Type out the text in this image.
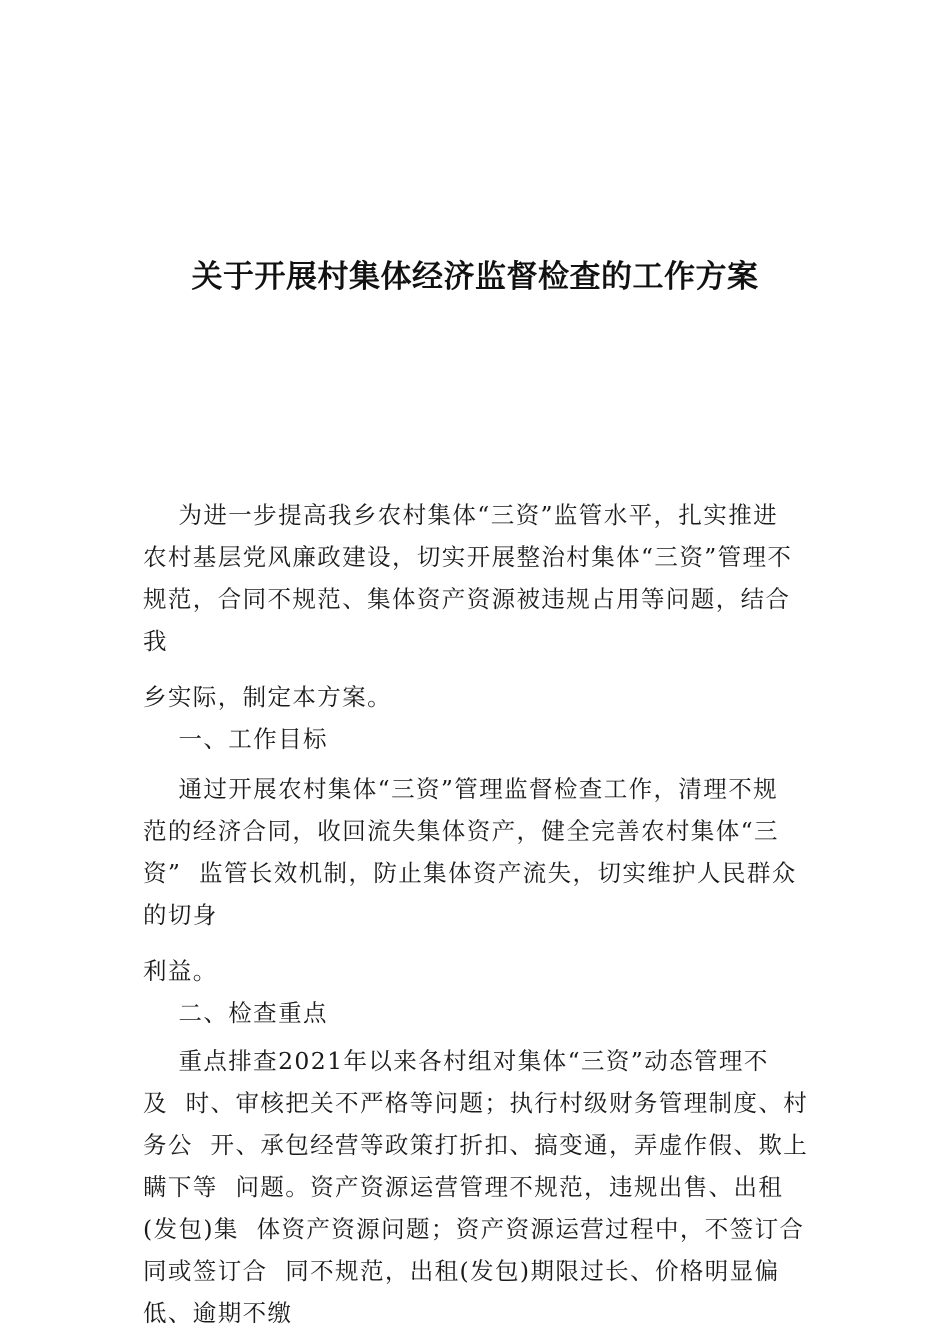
关于开展村集体经济监督检查的工作方案
为进一步提高我乡农村集体“三资”监管水平，扎实推进
农村基层党风廉政建设，切实开展整治村集体“三资”管理不
规范，合同不规范、集体资产资源被违规占用等问题，结合
我
乡实际，制定本方案。
一、工作目标
通过开展农村集体“三资”管理监督检查工作，清理不规
范的经济合同，收回流失集体资产，健全完善农村集体“三
资”  监管长效机制，防止集体资产流失，切实维护人民群众
的切身
利益。
二、检查重点
重点排查2021年以来各村组对集体“三资”动态管理不
及  时、审核把关不严格等问题；执行村级财务管理制度、村
务公  开、承包经营等政策打折扣、搞变通，弄虚作假、欺上
瞒下等  问题。资产资源运营管理不规范，违规出售、出租
(发包)集  体资产资源问题；资产资源运营过程中，不签订合
同或签订合  同不规范，出租(发包)期限过长、价格明显偏
低、逾期不缴
